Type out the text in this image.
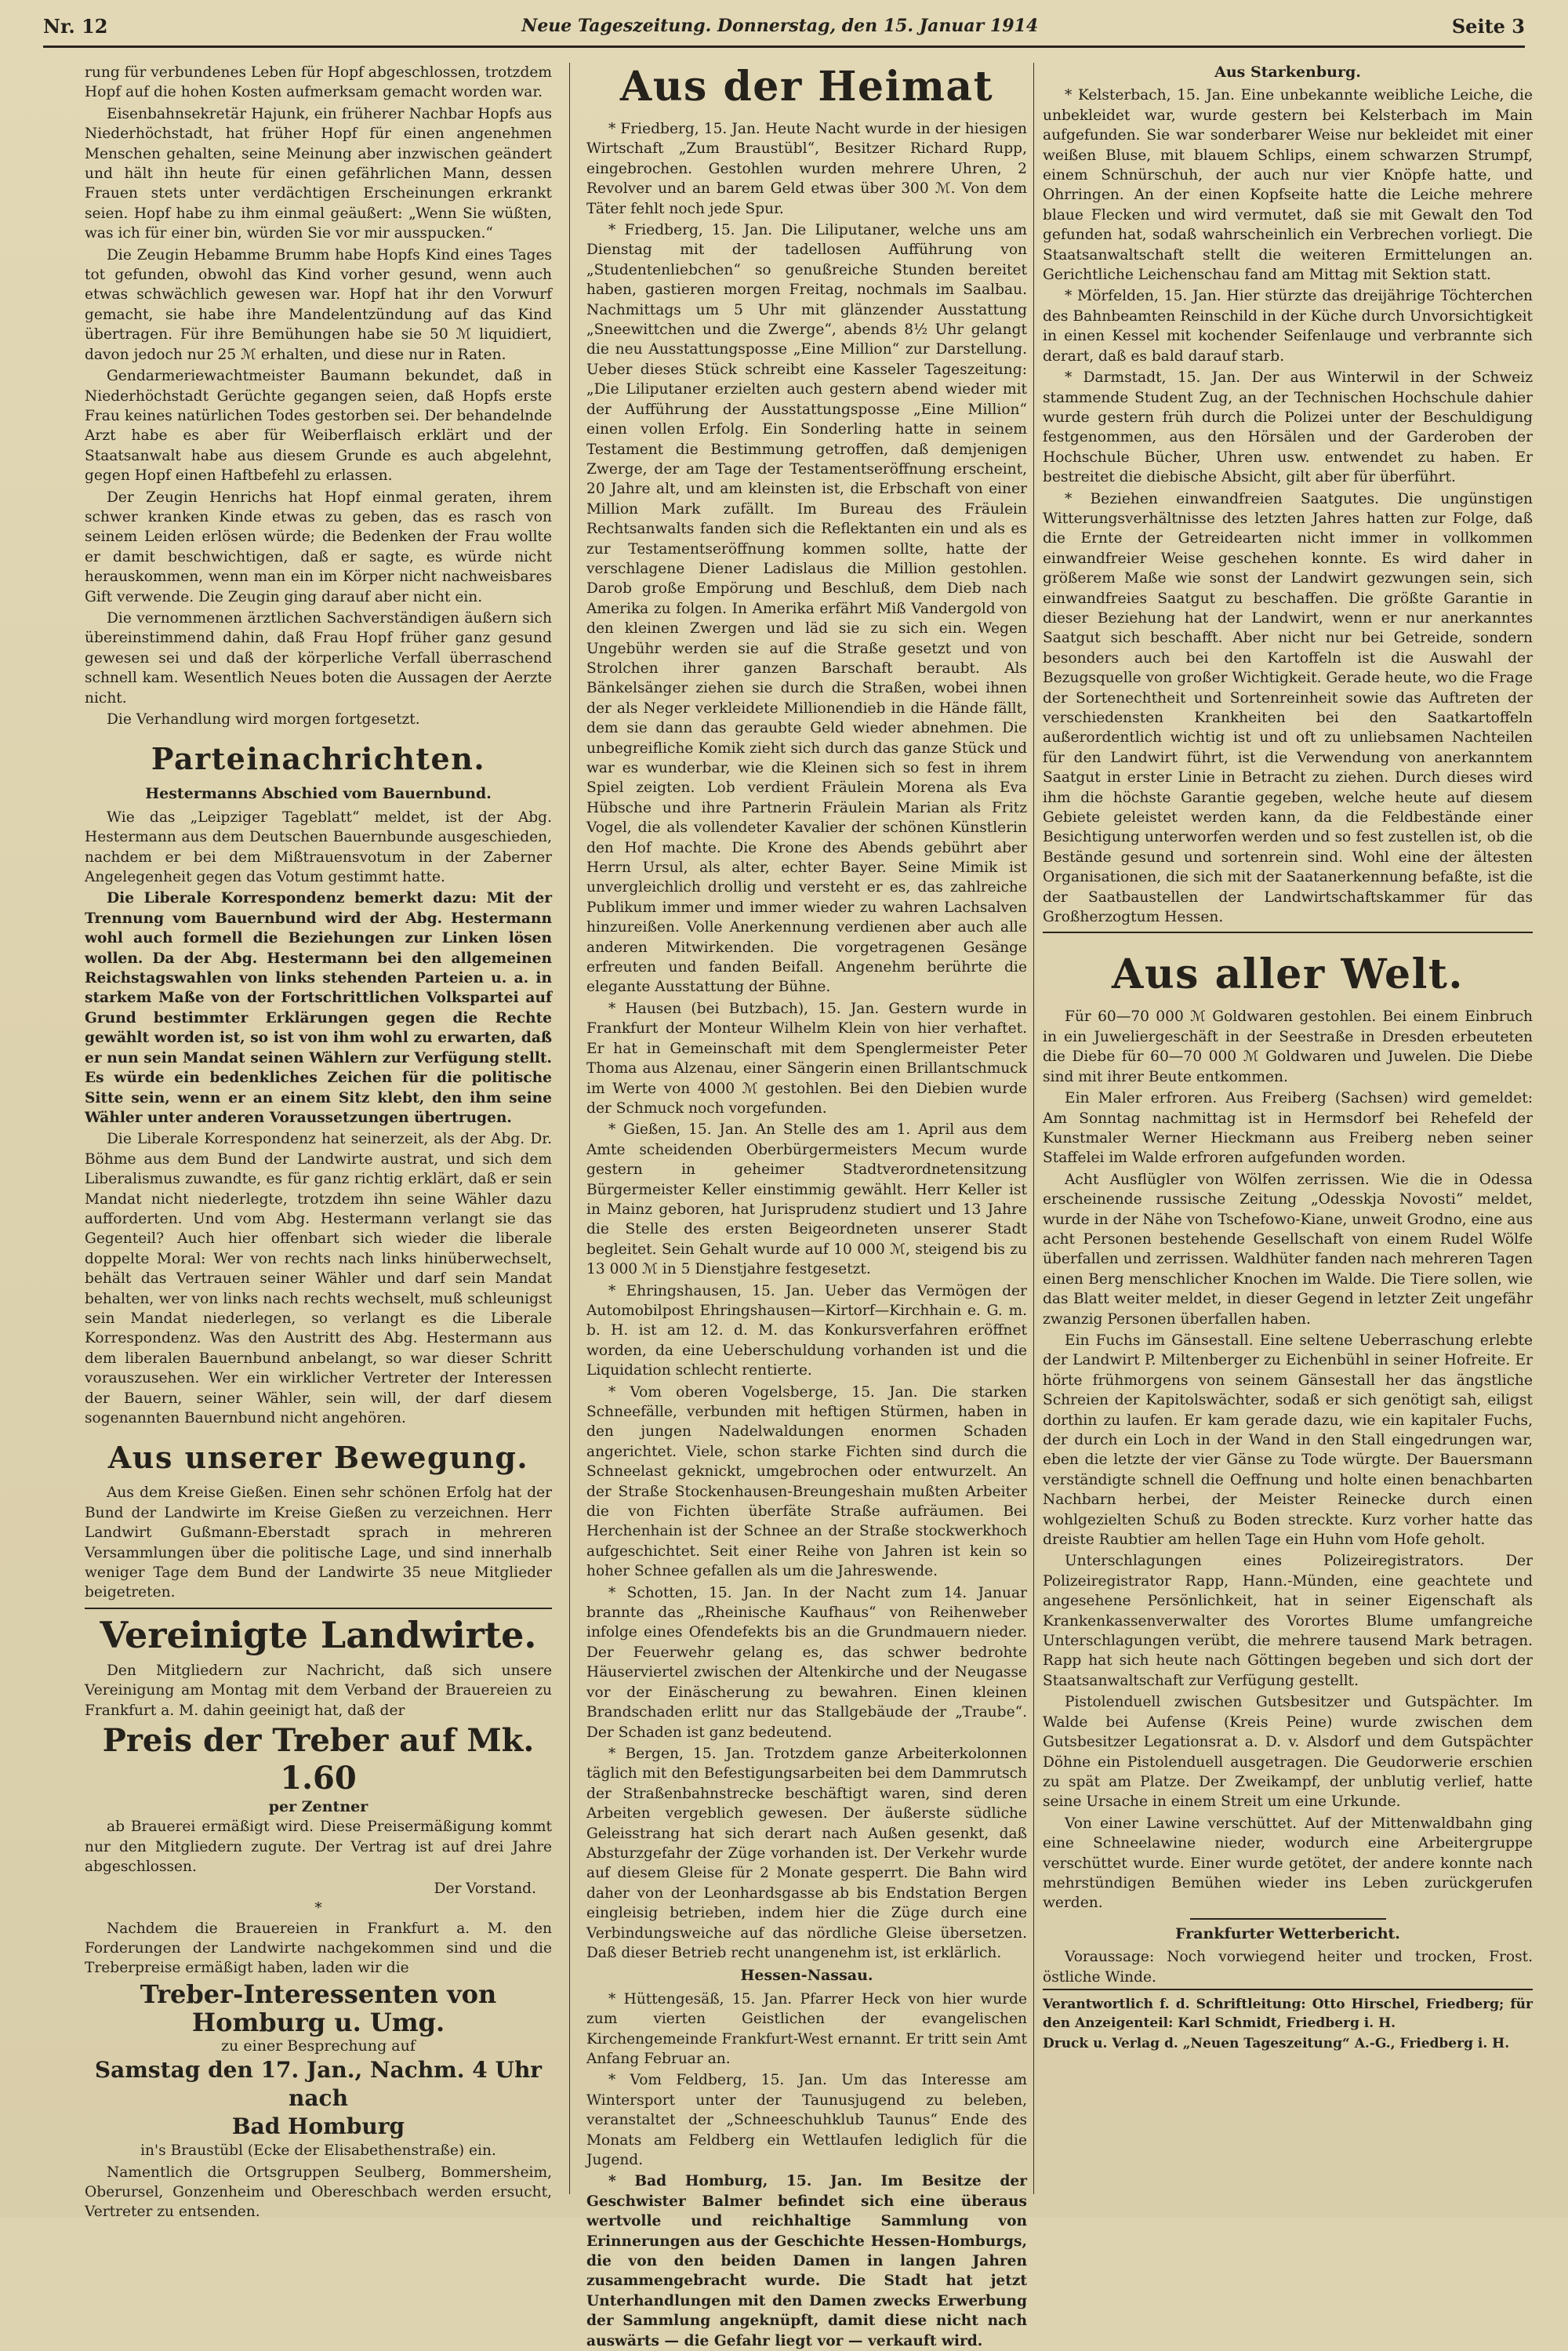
Nr. 12	Neue Tageszeitung. Donnerstag, den 15. Januar 1914	Seite 3

rung für verbundenes Leben für Hopf abgeschlossen, trotzdem Hopf auf die hohen Kosten aufmerksam gemacht worden war.

Eisenbahnsekretär Hajunk, ein früherer Nachbar Hopfs aus Niederhöchstadt, hat früher Hopf für einen angenehmen Menschen gehalten, seine Meinung aber inzwischen geändert und hält ihn heute für einen gefährlichen Mann, dessen Frauen stets unter verdächtigen Erscheinungen erkrankt seien. Hopf habe zu ihm einmal geäußert: „Wenn Sie wüßten, was ich für einer bin, würden Sie vor mir ausspucken.“

Die Zeugin Hebamme Brumm habe Hopfs Kind eines Tages tot gefunden, obwohl das Kind vorher gesund, wenn auch etwas schwächlich gewesen war. Hopf hat ihr den Vorwurf gemacht, sie habe ihre Mandelentzündung auf das Kind übertragen. Für ihre Bemühungen habe sie 50 ℳ liquidiert, davon jedoch nur 25 ℳ erhalten, und diese nur in Raten.

Gendarmeriewachtmeister Baumann bekundet, daß in Niederhöchstadt Gerüchte gegangen seien, daß Hopfs erste Frau keines natürlichen Todes gestorben sei. Der behandelnde Arzt habe es aber für Weiberflaisch erklärt und der Staatsanwalt habe aus diesem Grunde es auch abgelehnt, gegen Hopf einen Haftbefehl zu erlassen.

Der Zeugin Henrichs hat Hopf einmal geraten, ihrem schwer kranken Kinde etwas zu geben, das es rasch von seinem Leiden erlösen würde; die Bedenken der Frau wollte er damit beschwichtigen, daß er sagte, es würde nicht herauskommen, wenn man ein im Körper nicht nachweisbares Gift verwende. Die Zeugin ging darauf aber nicht ein.

Die vernommenen ärztlichen Sachverständigen äußern sich übereinstimmend dahin, daß Frau Hopf früher ganz gesund gewesen sei und daß der körperliche Verfall überraschend schnell kam. Wesentlich Neues boten die Aussagen der Aerzte nicht.

Die Verhandlung wird morgen fortgesetzt.

Parteinachrichten.
Hestermanns Abschied vom Bauernbund.

Wie das „Leipziger Tageblatt“ meldet, ist der Abg. Hestermann aus dem Deutschen Bauernbunde ausgeschieden, nachdem er bei dem Mißtrauensvotum in der Zaberner Angelegenheit gegen das Votum gestimmt hatte.

Die Liberale Korrespondenz bemerkt dazu: Mit der Trennung vom Bauernbund wird der Abg. Hestermann wohl auch formell die Beziehungen zur Linken lösen wollen. Da der Abg. Hestermann bei den allgemeinen Reichstagswahlen von links stehenden Parteien u. a. in starkem Maße von der Fortschrittlichen Volkspartei auf Grund bestimmter Erklärungen gegen die Rechte gewählt worden ist, so ist von ihm wohl zu erwarten, daß er nun sein Mandat seinen Wählern zur Verfügung stellt. Es würde ein bedenkliches Zeichen für die politische Sitte sein, wenn er an einem Sitz klebt, den ihm seine Wähler unter anderen Voraussetzungen übertrugen.

Die Liberale Korrespondenz hat seinerzeit, als der Abg. Dr. Böhme aus dem Bund der Landwirte austrat, und sich dem Liberalismus zuwandte, es für ganz richtig erklärt, daß er sein Mandat nicht niederlegte, trotzdem ihn seine Wähler dazu aufforderten. Und vom Abg. Hestermann verlangt sie das Gegenteil? Auch hier offenbart sich wieder die liberale doppelte Moral: Wer von rechts nach links hinüberwechselt, behält das Vertrauen seiner Wähler und darf sein Mandat behalten, wer von links nach rechts wechselt, muß schleunigst sein Mandat niederlegen, so verlangt es die Liberale Korrespondenz. Was den Austritt des Abg. Hestermann aus dem liberalen Bauernbund anbelangt, so war dieser Schritt vorauszusehen. Wer ein wirklicher Vertreter der Interessen der Bauern, seiner Wähler, sein will, der darf diesem sogenannten Bauernbund nicht angehören.

Aus unserer Bewegung.

Aus dem Kreise Gießen. Einen sehr schönen Erfolg hat der Bund der Landwirte im Kreise Gießen zu verzeichnen. Herr Landwirt Gußmann-Eberstadt sprach in mehreren Versammlungen über die politische Lage, und sind innerhalb weniger Tage dem Bund der Landwirte 35 neue Mitglieder beigetreten.

Vereinigte Landwirte.

Den Mitgliedern zur Nachricht, daß sich unsere Vereinigung am Montag mit dem Verband der Brauereien zu Frankfurt a. M. dahin geeinigt hat, daß der

Preis der Treber auf Mk. 1.60
per Zentner

ab Brauerei ermäßigt wird. Diese Preisermäßigung kommt nur den Mitgliedern zugute. Der Vertrag ist auf drei Jahre abgeschlossen.

Der Vorstand.
*

Nachdem die Brauereien in Frankfurt a. M. den Forderungen der Landwirte nachgekommen sind und die Treberpreise ermäßigt haben, laden wir die

Treber-Interessenten von Homburg u. Umg.
zu einer Besprechung auf
Samstag den 17. Jan., Nachm. 4 Uhr nach
Bad Homburg

in's Braustübl (Ecke der Elisabethenstraße) ein.

Namentlich die Ortsgruppen Seulberg, Bommersheim, Oberursel, Gonzenheim und Obereschbach werden ersucht, Vertreter zu entsenden.

Aus der Heimat

* Friedberg, 15. Jan. Heute Nacht wurde in der hiesigen Wirtschaft „Zum Braustübl“, Besitzer Richard Rupp, eingebrochen. Gestohlen wurden mehrere Uhren, 2 Revolver und an barem Geld etwas über 300 ℳ. Von dem Täter fehlt noch jede Spur.

* Friedberg, 15. Jan. Die Liliputaner, welche uns am Dienstag mit der tadellosen Aufführung von „Studentenliebchen“ so genußreiche Stunden bereitet haben, gastieren morgen Freitag, nochmals im Saalbau. Nachmittags um 5 Uhr mit glänzender Ausstattung „Sneewittchen und die Zwerge“, abends 8½ Uhr gelangt die neu Ausstattungsposse „Eine Million“ zur Darstellung. Ueber dieses Stück schreibt eine Kasseler Tageszeitung: „Die Liliputaner erzielten auch gestern abend wieder mit der Aufführung der Ausstattungsposse „Eine Million“ einen vollen Erfolg. Ein Sonderling hatte in seinem Testament die Bestimmung getroffen, daß demjenigen Zwerge, der am Tage der Testamentseröffnung erscheint, 20 Jahre alt, und am kleinsten ist, die Erbschaft von einer Million Mark zufällt. Im Bureau des Fräulein Rechtsanwalts fanden sich die Reflektanten ein und als es zur Testamentseröffnung kommen sollte, hatte der verschlagene Diener Ladislaus die Million gestohlen. Darob große Empörung und Beschluß, dem Dieb nach Amerika zu folgen. In Amerika erfährt Miß Vandergold von den kleinen Zwergen und läd sie zu sich ein. Wegen Ungebühr werden sie auf die Straße gesetzt und von Strolchen ihrer ganzen Barschaft beraubt. Als Bänkelsänger ziehen sie durch die Straßen, wobei ihnen der als Neger verkleidete Millionendieb in die Hände fällt, dem sie dann das geraubte Geld wieder abnehmen. Die unbegreifliche Komik zieht sich durch das ganze Stück und war es wunderbar, wie die Kleinen sich so fest in ihrem Spiel zeigten. Lob verdient Fräulein Morena als Eva Hübsche und ihre Partnerin Fräulein Marian als Fritz Vogel, die als vollendeter Kavalier der schönen Künstlerin den Hof machte. Die Krone des Abends gebührt aber Herrn Ursul, als alter, echter Bayer. Seine Mimik ist unvergleichlich drollig und versteht er es, das zahlreiche Publikum immer und immer wieder zu wahren Lachsalven hinzureißen. Volle Anerkennung verdienen aber auch alle anderen Mitwirkenden. Die vorgetragenen Gesänge erfreuten und fanden Beifall. Angenehm berührte die elegante Ausstattung der Bühne.

* Hausen (bei Butzbach), 15. Jan. Gestern wurde in Frankfurt der Monteur Wilhelm Klein von hier verhaftet. Er hat in Gemeinschaft mit dem Spenglermeister Peter Thoma aus Alzenau, einer Sängerin einen Brillantschmuck im Werte von 4000 ℳ gestohlen. Bei den Diebien wurde der Schmuck noch vorgefunden.

* Gießen, 15. Jan. An Stelle des am 1. April aus dem Amte scheidenden Oberbürgermeisters Mecum wurde gestern in geheimer Stadtverordnetensitzung Bürgermeister Keller einstimmig gewählt. Herr Keller ist in Mainz geboren, hat Jurisprudenz studiert und 13 Jahre die Stelle des ersten Beigeordneten unserer Stadt begleitet. Sein Gehalt wurde auf 10 000 ℳ, steigend bis zu 13 000 ℳ in 5 Dienstjahre festgesetzt.

* Ehringshausen, 15. Jan. Ueber das Vermögen der Automobilpost Ehringshausen—Kirtorf—Kirchhain e. G. m. b. H. ist am 12. d. M. das Konkursverfahren eröffnet worden, da eine Ueberschuldung vorhanden ist und die Liquidation schlecht rentierte.

* Vom oberen Vogelsberge, 15. Jan. Die starken Schneefälle, verbunden mit heftigen Stürmen, haben in den jungen Nadelwaldungen enormen Schaden angerichtet. Viele, schon starke Fichten sind durch die Schneelast geknickt, umgebrochen oder entwurzelt. An der Straße Stockenhausen-Breungeshain mußten Arbeiter die von Fichten überfäte Straße aufräumen. Bei Herchenhain ist der Schnee an der Straße stockwerkhoch aufgeschichtet. Seit einer Reihe von Jahren ist kein so hoher Schnee gefallen als um die Jahreswende.

* Schotten, 15. Jan. In der Nacht zum 14. Januar brannte das „Rheinische Kaufhaus“ von Reihenweber infolge eines Ofendefekts bis an die Grundmauern nieder. Der Feuerwehr gelang es, das schwer bedrohte Häuserviertel zwischen der Altenkirche und der Neugasse vor der Einäscherung zu bewahren. Einen kleinen Brandschaden erlitt nur das Stallgebäude der „Traube“. Der Schaden ist ganz bedeutend.

* Bergen, 15. Jan. Trotzdem ganze Arbeiterkolonnen täglich mit den Befestigungsarbeiten bei dem Dammrutsch der Straßenbahnstrecke beschäftigt waren, sind deren Arbeiten vergeblich gewesen. Der äußerste südliche Geleisstrang hat sich derart nach Außen gesenkt, daß Absturzgefahr der Züge vorhanden ist. Der Verkehr wurde auf diesem Gleise für 2 Monate gesperrt. Die Bahn wird daher von der Leonhardsgasse ab bis Endstation Bergen eingleisig betrieben, indem hier die Züge durch eine Verbindungsweiche auf das nördliche Gleise übersetzen. Daß dieser Betrieb recht unangenehm ist, ist erklärlich.

Hessen-Nassau.

* Hüttengesäß, 15. Jan. Pfarrer Heck von hier wurde zum vierten Geistlichen der evangelischen Kirchengemeinde Frankfurt-West ernannt. Er tritt sein Amt Anfang Februar an.

* Vom Feldberg, 15. Jan. Um das Interesse am Wintersport unter der Taunusjugend zu beleben, veranstaltet der „Schneeschuhklub Taunus“ Ende des Monats am Feldberg ein Wettlaufen lediglich für die Jugend.

* Bad Homburg, 15. Jan. Im Besitze der Geschwister Balmer befindet sich eine überaus wertvolle und reichhaltige Sammlung von Erinnerungen aus der Geschichte Hessen-Homburgs, die von den beiden Damen in langen Jahren zusammengebracht wurde. Die Stadt hat jetzt Unterhandlungen mit den Damen zwecks Erwerbung der Sammlung angeknüpft, damit diese nicht nach auswärts — die Gefahr liegt vor — verkauft wird.

Aus Starkenburg.

* Kelsterbach, 15. Jan. Eine unbekannte weibliche Leiche, die unbekleidet war, wurde gestern bei Kelsterbach im Main aufgefunden. Sie war sonderbarer Weise nur bekleidet mit einer weißen Bluse, mit blauem Schlips, einem schwarzen Strumpf, einem Schnürschuh, der auch nur vier Knöpfe hatte, und Ohrringen. An der einen Kopfseite hatte die Leiche mehrere blaue Flecken und wird vermutet, daß sie mit Gewalt den Tod gefunden hat, sodaß wahrscheinlich ein Verbrechen vorliegt. Die Staatsanwaltschaft stellt die weiteren Ermittelungen an. Gerichtliche Leichenschau fand am Mittag mit Sektion statt.

* Mörfelden, 15. Jan. Hier stürzte das dreijährige Töchterchen des Bahnbeamten Reinschild in der Küche durch Unvorsichtigkeit in einen Kessel mit kochender Seifenlauge und verbrannte sich derart, daß es bald darauf starb.

* Darmstadt, 15. Jan. Der aus Winterwil in der Schweiz stammende Student Zug, an der Technischen Hochschule dahier wurde gestern früh durch die Polizei unter der Beschuldigung festgenommen, aus den Hörsälen und der Garderoben der Hochschule Bücher, Uhren usw. entwendet zu haben. Er bestreitet die diebische Absicht, gilt aber für überführt.

* Beziehen einwandfreien Saatgutes. Die ungünstigen Witterungsverhältnisse des letzten Jahres hatten zur Folge, daß die Ernte der Getreidearten nicht immer in vollkommen einwandfreier Weise geschehen konnte. Es wird daher in größerem Maße wie sonst der Landwirt gezwungen sein, sich einwandfreies Saatgut zu beschaffen. Die größte Garantie in dieser Beziehung hat der Landwirt, wenn er nur anerkanntes Saatgut sich beschafft. Aber nicht nur bei Getreide, sondern besonders auch bei den Kartoffeln ist die Auswahl der Bezugsquelle von großer Wichtigkeit. Gerade heute, wo die Frage der Sortenechtheit und Sortenreinheit sowie das Auftreten der verschiedensten Krankheiten bei den Saatkartoffeln außerordentlich wichtig ist und oft zu unliebsamen Nachteilen für den Landwirt führt, ist die Verwendung von anerkanntem Saatgut in erster Linie in Betracht zu ziehen. Durch dieses wird ihm die höchste Garantie gegeben, welche heute auf diesem Gebiete geleistet werden kann, da die Feldbestände einer Besichtigung unterworfen werden und so fest zustellen ist, ob die Bestände gesund und sortenrein sind. Wohl eine der ältesten Organisationen, die sich mit der Saatanerkennung befaßte, ist die der Saatbaustellen der Landwirtschaftskammer für das Großherzogtum Hessen.

Aus aller Welt.

Für 60—70 000 ℳ Goldwaren gestohlen. Bei einem Einbruch in ein Juweliergeschäft in der Seestraße in Dresden erbeuteten die Diebe für 60—70 000 ℳ Goldwaren und Juwelen. Die Diebe sind mit ihrer Beute entkommen.

Ein Maler erfroren. Aus Freiberg (Sachsen) wird gemeldet: Am Sonntag nachmittag ist in Hermsdorf bei Rehefeld der Kunstmaler Werner Hieckmann aus Freiberg neben seiner Staffelei im Walde erfroren aufgefunden worden.

Acht Ausflügler von Wölfen zerrissen. Wie die in Odessa erscheinende russische Zeitung „Odesskja Novosti“ meldet, wurde in der Nähe von Tschefowo-Kiane, unweit Grodno, eine aus acht Personen bestehende Gesellschaft von einem Rudel Wölfe überfallen und zerrissen. Waldhüter fanden nach mehreren Tagen einen Berg menschlicher Knochen im Walde. Die Tiere sollen, wie das Blatt weiter meldet, in dieser Gegend in letzter Zeit ungefähr zwanzig Personen überfallen haben.

Ein Fuchs im Gänsestall. Eine seltene Ueberraschung erlebte der Landwirt P. Miltenberger zu Eichenbühl in seiner Hofreite. Er hörte frühmorgens von seinem Gänsestall her das ängstliche Schreien der Kapitolswächter, sodaß er sich genötigt sah, eiligst dorthin zu laufen. Er kam gerade dazu, wie ein kapitaler Fuchs, der durch ein Loch in der Wand in den Stall eingedrungen war, eben die letzte der vier Gänse zu Tode würgte. Der Bauersmann verständigte schnell die Oeffnung und holte einen benachbarten Nachbarn herbei, der Meister Reinecke durch einen wohlgezielten Schuß zu Boden streckte. Kurz vorher hatte das dreiste Raubtier am hellen Tage ein Huhn vom Hofe geholt.

Unterschlagungen eines Polizeiregistrators. Der Polizeiregistrator Rapp, Hann.-Münden, eine geachtete und angesehene Persönlichkeit, hat in seiner Eigenschaft als Krankenkassenverwalter des Vorortes Blume umfangreiche Unterschlagungen verübt, die mehrere tausend Mark betragen. Rapp hat sich heute nach Göttingen begeben und sich dort der Staatsanwaltschaft zur Verfügung gestellt.

Pistolenduell zwischen Gutsbesitzer und Gutspächter. Im Walde bei Aufense (Kreis Peine) wurde zwischen dem Gutsbesitzer Legationsrat a. D. v. Alsdorf und dem Gutspächter Döhne ein Pistolenduell ausgetragen. Die Geudorwerie erschien zu spät am Platze. Der Zweikampf, der unblutig verlief, hatte seine Ursache in einem Streit um eine Urkunde.

Von einer Lawine verschüttet. Auf der Mittenwaldbahn ging eine Schneelawine nieder, wodurch eine Arbeitergruppe verschüttet wurde. Einer wurde getötet, der andere konnte nach mehrstündigen Bemühen wieder ins Leben zurückgerufen werden.

Frankfurter Wetterbericht.

Voraussage: Noch vorwiegend heiter und trocken, Frost. östliche Winde.

Verantwortlich f. d. Schriftleitung: Otto Hirschel, Friedberg; für den Anzeigenteil: Karl Schmidt, Friedberg i. H.

Druck u. Verlag d. „Neuen Tageszeitung“ A.-G., Friedberg i. H.
